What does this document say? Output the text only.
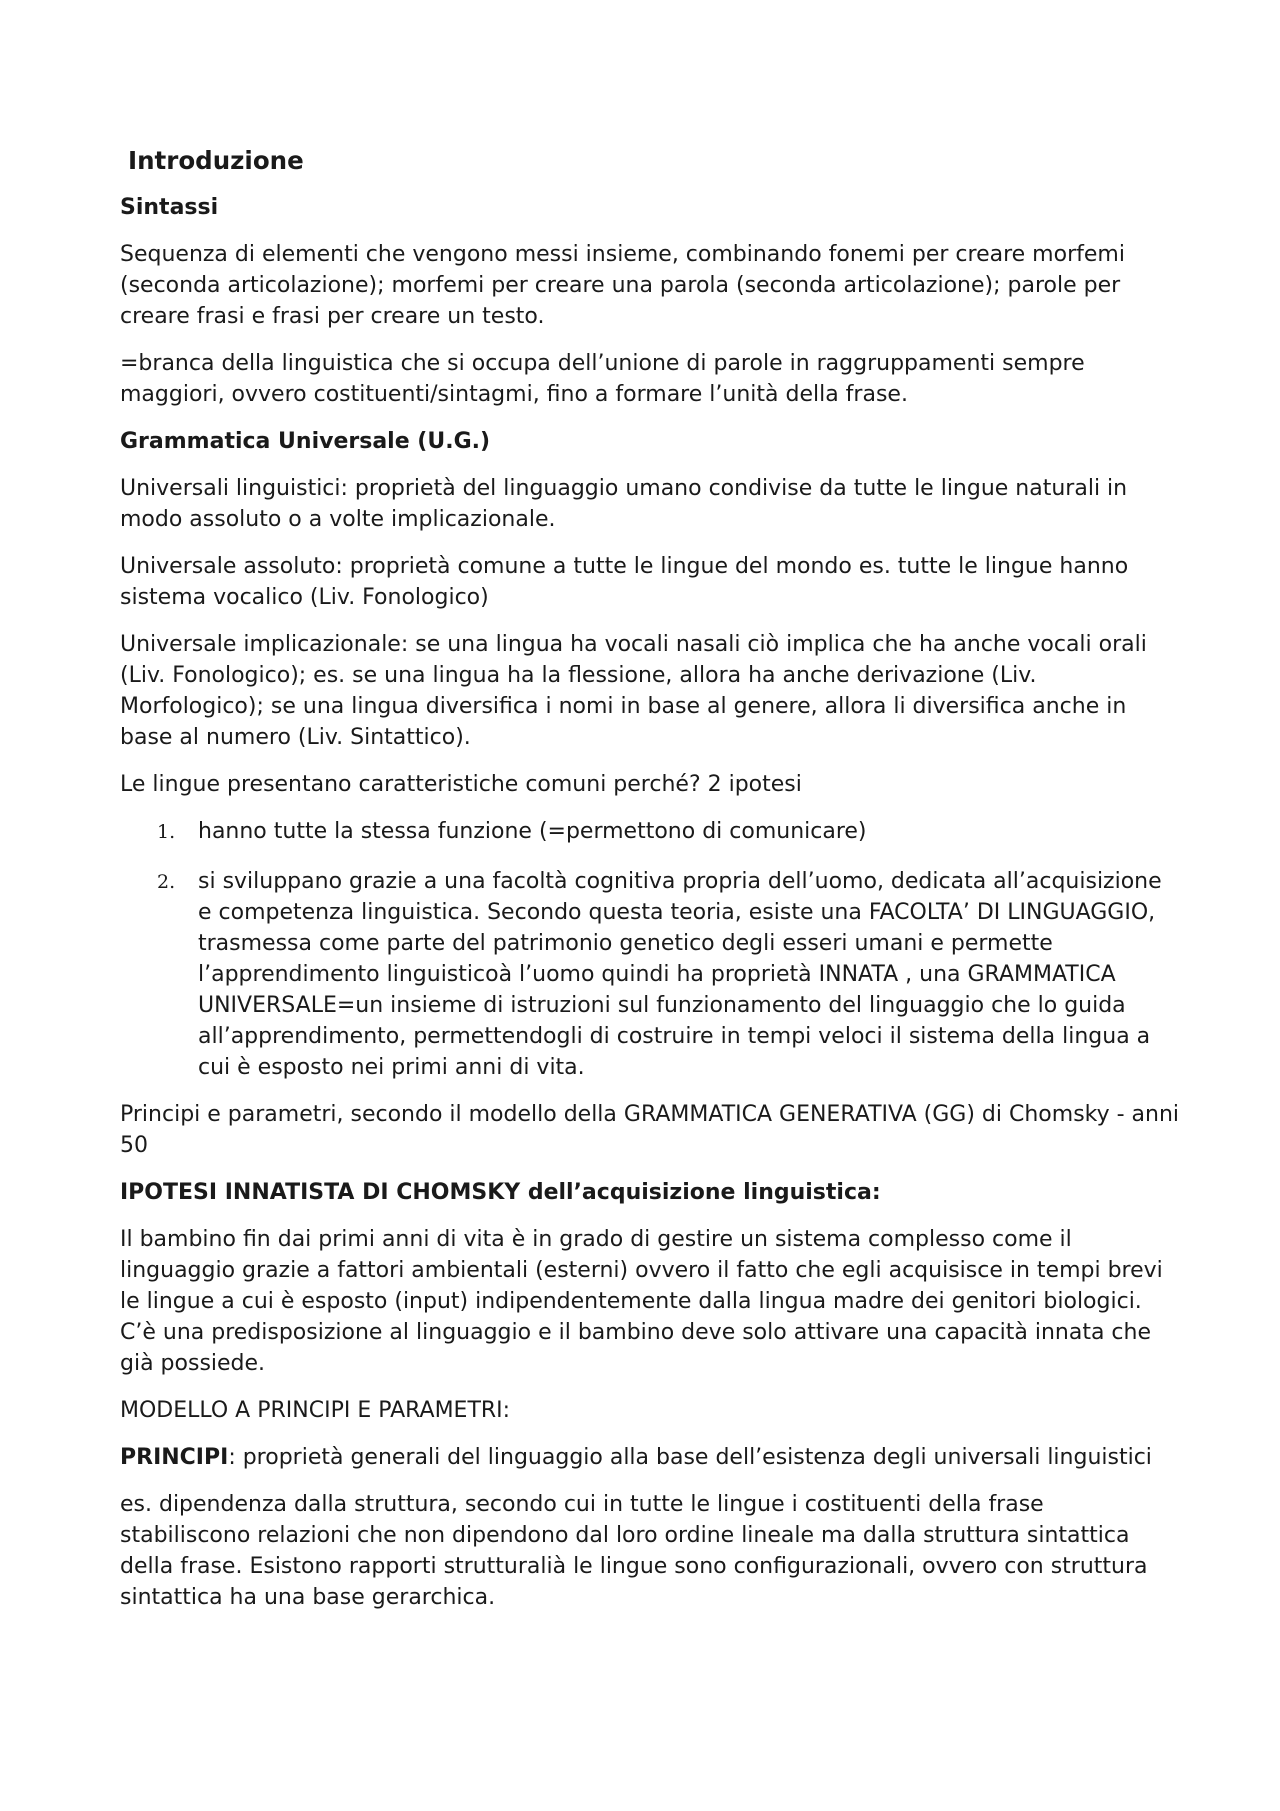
Introduzione
Sintassi

Sequenza di elementi che vengono messi insieme, combinando fonemi per creare morfemi (seconda articolazione); morfemi per creare una parola (seconda articolazione); parole per creare frasi e frasi per creare un testo.

=branca della linguistica che si occupa dell’unione di parole in raggruppamenti sempre maggiori, ovvero costituenti/sintagmi, fino a formare l’unità della frase.

Grammatica Universale (U.G.)

Universali linguistici: proprietà del linguaggio umano condivise da tutte le lingue naturali in modo assoluto o a volte implicazionale.

Universale assoluto: proprietà comune a tutte le lingue del mondo es. tutte le lingue hanno sistema vocalico (Liv. Fonologico)

Universale implicazionale: se una lingua ha vocali nasali ciò implica che ha anche vocali orali (Liv. Fonologico); es. se una lingua ha la flessione, allora ha anche derivazione (Liv. Morfologico); se una lingua diversifica i nomi in base al genere, allora li diversifica anche in base al numero (Liv. Sintattico).

Le lingue presentano caratteristiche comuni perché? 2 ipotesi

1. hanno tutte la stessa funzione (=permettono di comunicare)
2. si sviluppano grazie a una facoltà cognitiva propria dell’uomo, dedicata all’acquisizione e competenza linguistica. Secondo questa teoria, esiste una FACOLTA’ DI LINGUAGGIO, trasmessa come parte del patrimonio genetico degli esseri umani e permette l’apprendimento linguisticoà l’uomo quindi ha proprietà INNATA , una GRAMMATICA UNIVERSALE=un insieme di istruzioni sul funzionamento del linguaggio che lo guida all’apprendimento, permettendogli di costruire in tempi veloci il sistema della lingua a cui è esposto nei primi anni di vita.

Principi e parametri, secondo il modello della GRAMMATICA GENERATIVA (GG) di Chomsky - anni 50

IPOTESI INNATISTA DI CHOMSKY dell’acquisizione linguistica:

Il bambino fin dai primi anni di vita è in grado di gestire un sistema complesso come il linguaggio grazie a fattori ambientali (esterni) ovvero il fatto che egli acquisisce in tempi brevi le lingue a cui è esposto (input) indipendentemente dalla lingua madre dei genitori biologici. C’è una predisposizione al linguaggio e il bambino deve solo attivare una capacità innata che già possiede.

MODELLO A PRINCIPI E PARAMETRI:

PRINCIPI: proprietà generali del linguaggio alla base dell’esistenza degli universali linguistici

es. dipendenza dalla struttura, secondo cui in tutte le lingue i costituenti della frase stabiliscono relazioni che non dipendono dal loro ordine lineale ma dalla struttura sintattica della frase. Esistono rapporti strutturalià le lingue sono configurazionali, ovvero con struttura sintattica ha una base gerarchica.
